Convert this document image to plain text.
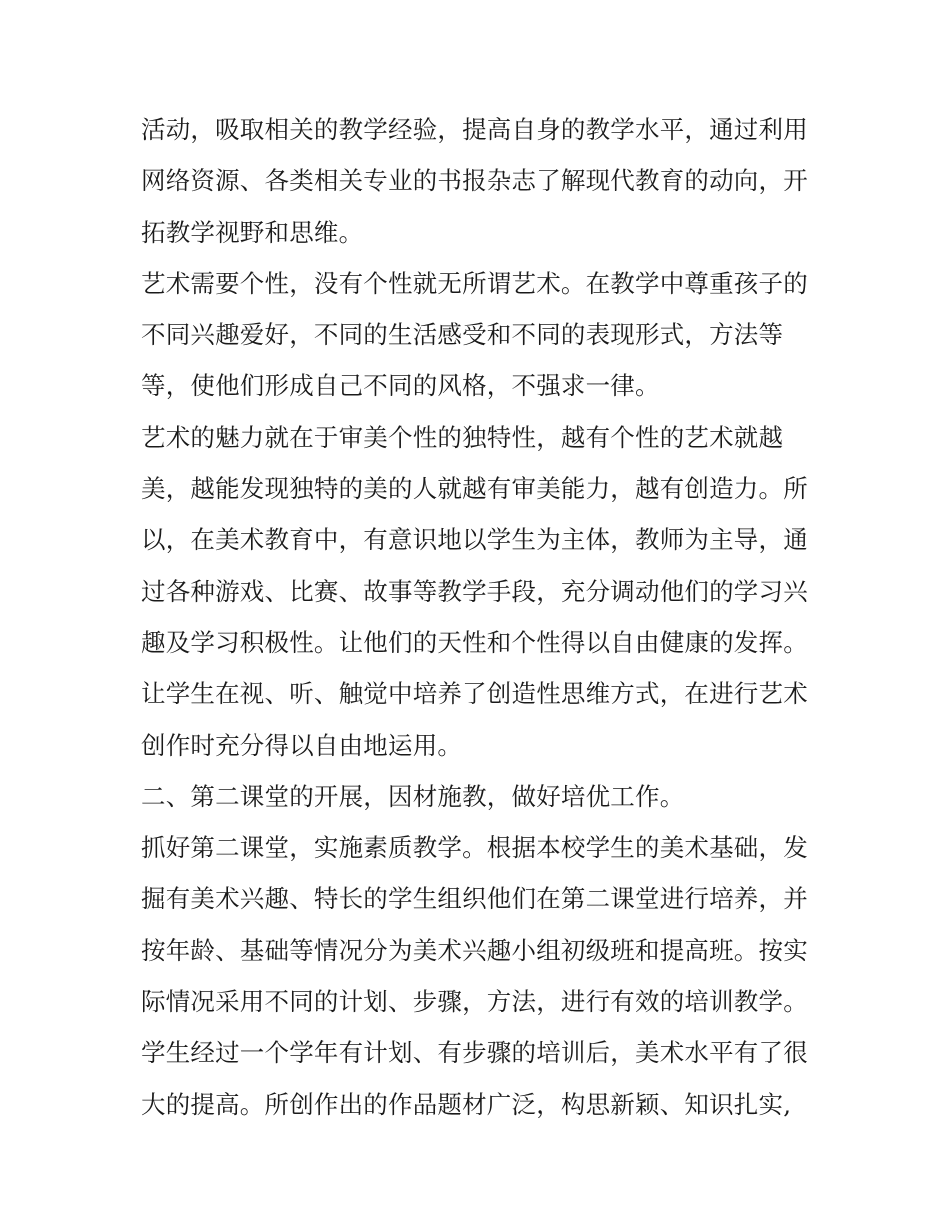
活动，吸取相关的教学经验，提高自身的教学水平，通过利用
网络资源、各类相关专业的书报杂志了解现代教育的动向，开
拓教学视野和思维。
艺术需要个性，没有个性就无所谓艺术。在教学中尊重孩子的
不同兴趣爱好，不同的生活感受和不同的表现形式，方法等
等，使他们形成自己不同的风格，不强求一律。
艺术的魅力就在于审美个性的独特性，越有个性的艺术就越
美，越能发现独特的美的人就越有审美能力，越有创造力。所
以，在美术教育中，有意识地以学生为主体，教师为主导，通
过各种游戏、比赛、故事等教学手段，充分调动他们的学习兴
趣及学习积极性。让他们的天性和个性得以自由健康的发挥。
让学生在视、听、触觉中培养了创造性思维方式，在进行艺术
创作时充分得以自由地运用。
二、第二课堂的开展，因材施教，做好培优工作。
抓好第二课堂，实施素质教学。根据本校学生的美术基础，发
掘有美术兴趣、特长的学生组织他们在第二课堂进行培养，并
按年龄、基础等情况分为美术兴趣小组初级班和提高班。按实
际情况采用不同的计划、步骤，方法，进行有效的培训教学。
学生经过一个学年有计划、有步骤的培训后，美术水平有了很
大的提高。所创作出的作品题材广泛，构思新颖、知识扎实,
